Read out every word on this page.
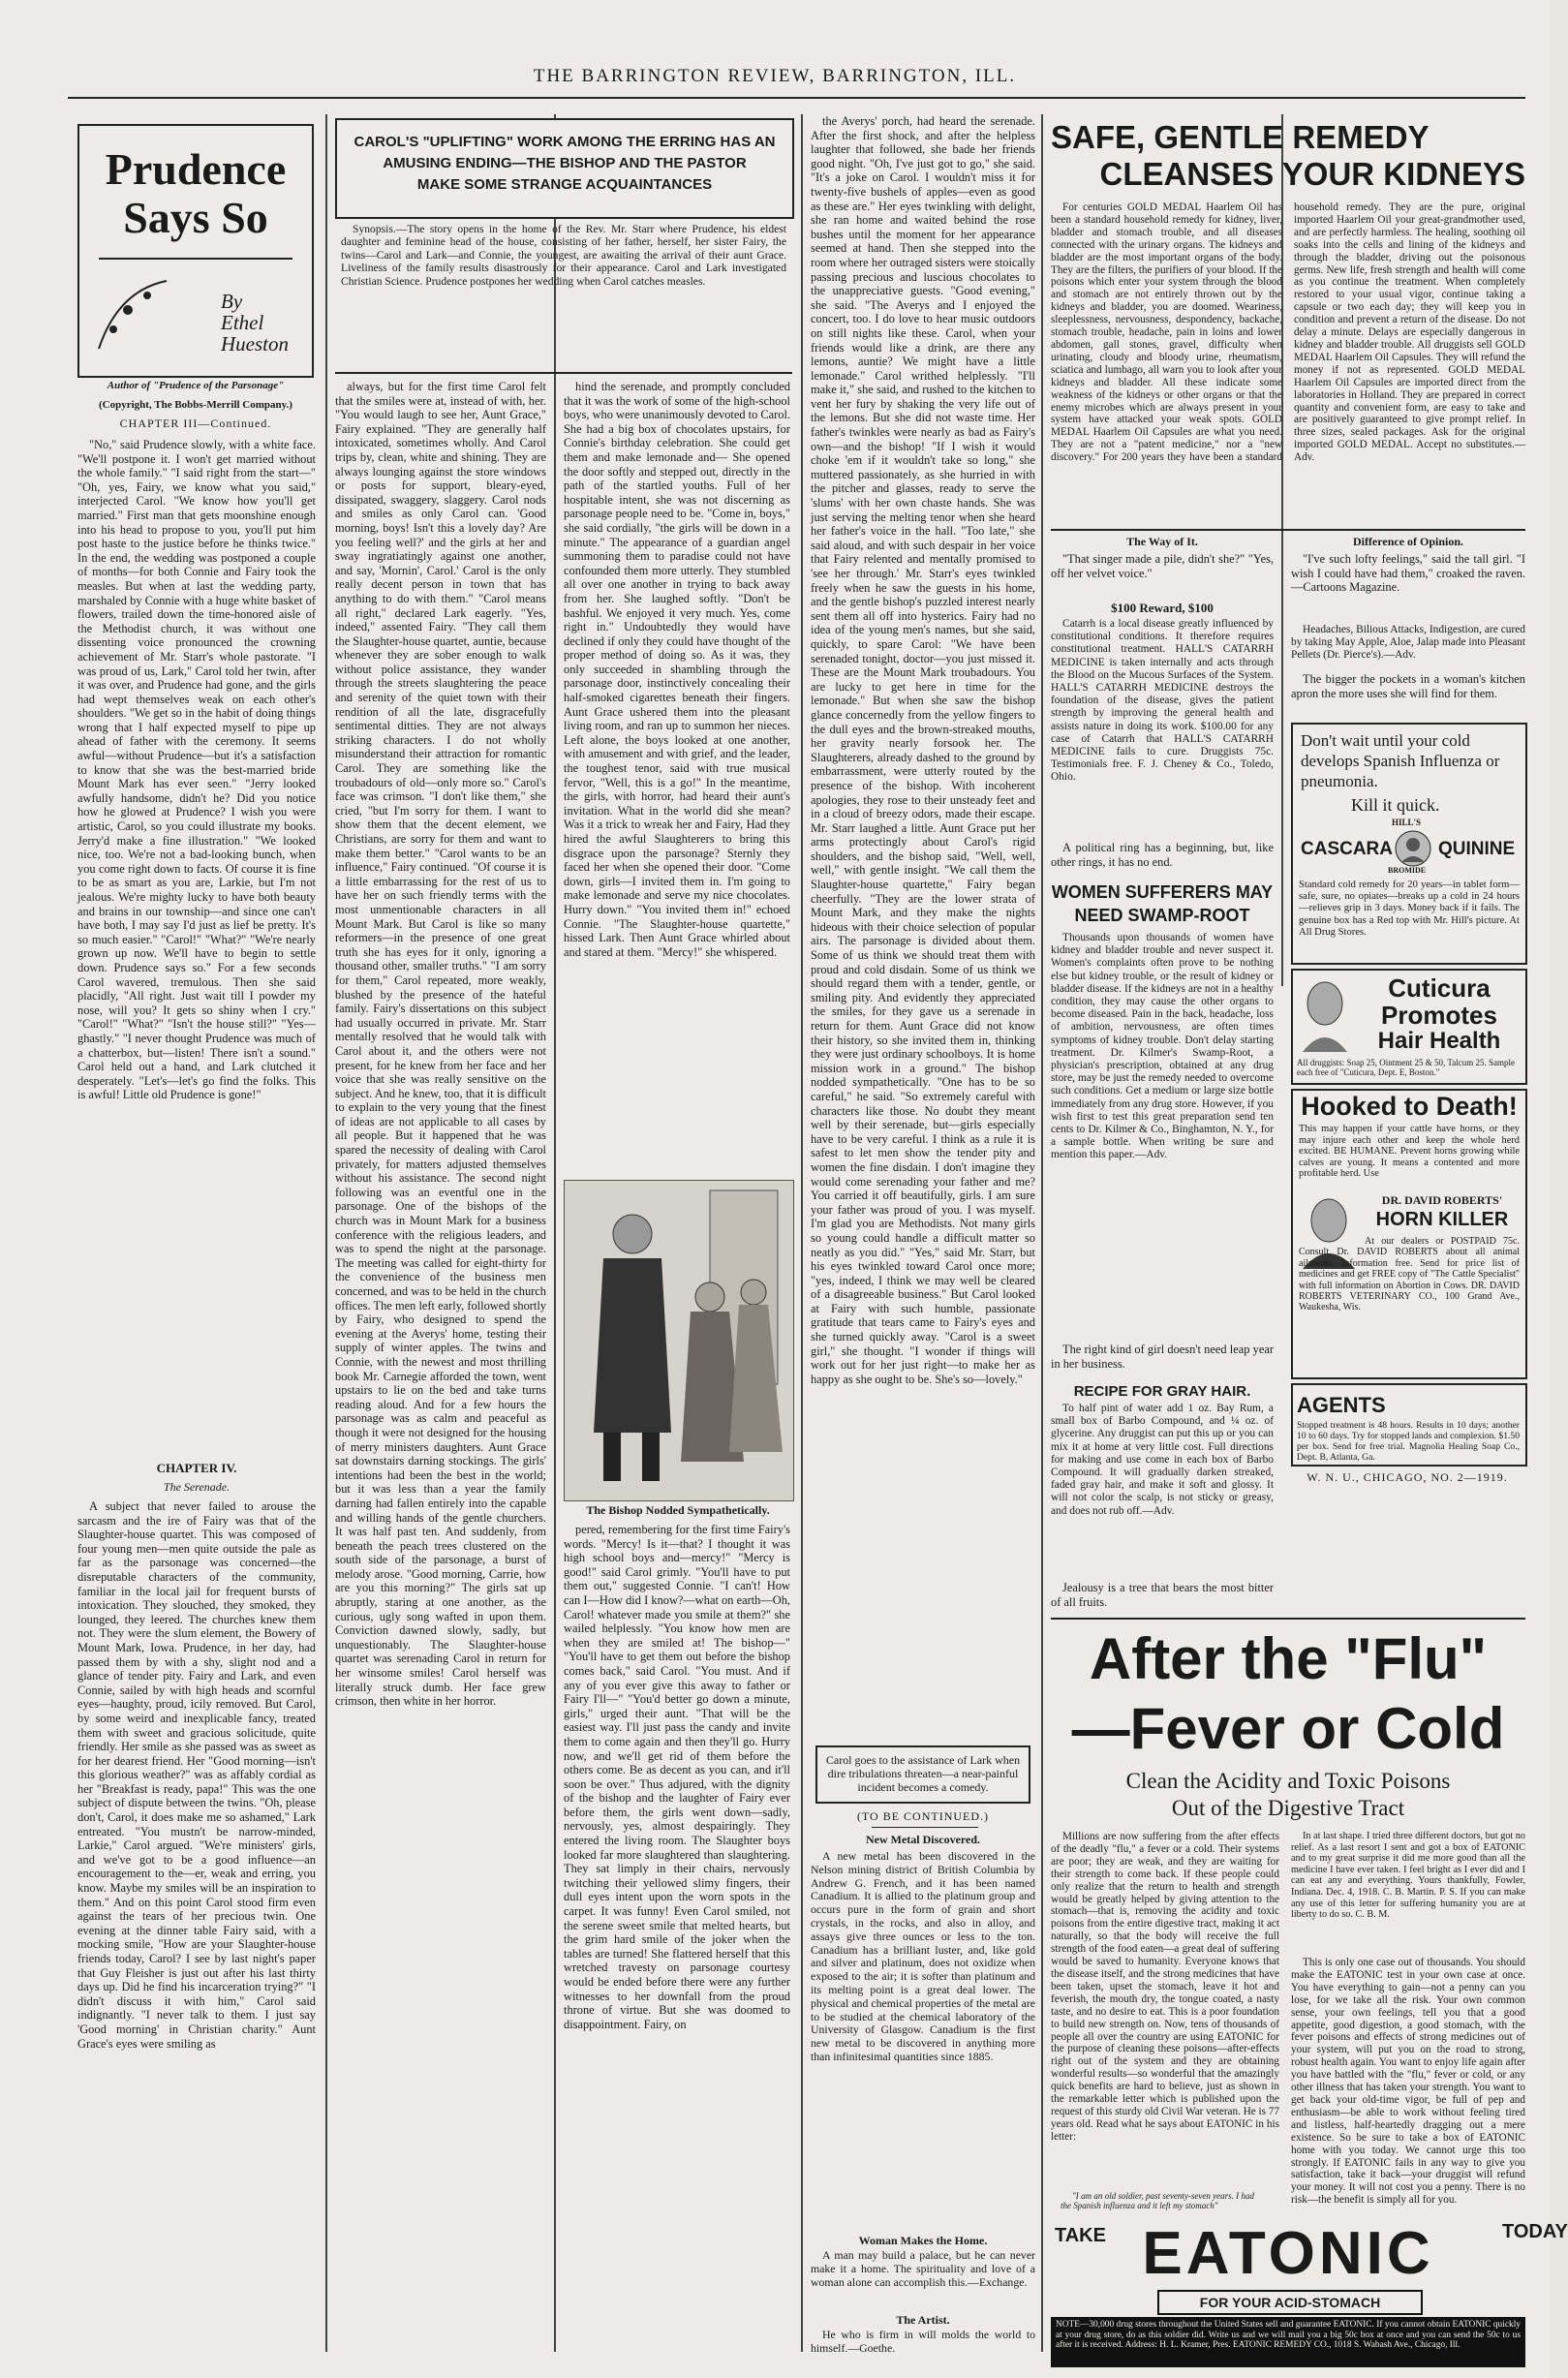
THE BARRINGTON REVIEW, BARRINGTON, ILL.
Prudence
Says So
By
Ethel
Hueston
Author of "Prudence of the Parsonage"
(Copyright, The Bobbs-Merrill Company.)
CHAPTER III—Continued.

"No," said Prudence slowly, with a white face. "We'll postpone it. I won't get married without the whole family." "I said right from the start—" "Oh, yes, Fairy, we know what you said," interjected Carol. "We know how you'll get married." First man that gets moonshine enough into his head to propose to you, you'll put him post haste to the justice before he thinks twice." In the end, the wedding was postponed a couple of months—for both Connie and Fairy took the measles. But when at last the wedding party, marshaled by Connie with a huge white basket of flowers, trailed down the time-honored aisle of the Methodist church, it was without one dissenting voice pronounced the crowning achievement of Mr. Starr's whole pastorate. "I was proud of us, Lark," Carol told her twin, after it was over, and Prudence had gone, and the girls had wept themselves weak on each other's shoulders. "We get so in the habit of doing things wrong that I half expected myself to pipe up ahead of father with the ceremony. It seems awful—without Prudence—but it's a satisfaction to know that she was the best-married bride Mount Mark has ever seen." "Jerry looked awfully handsome, didn't he? Did you notice how he glowed at Prudence? I wish you were artistic, Carol, so you could illustrate my books. Jerry'd make a fine illustration." "We looked nice, too. We're not a bad-looking bunch, when you come right down to facts. Of course it is fine to be as smart as you are, Larkie, but I'm not jealous. We're mighty lucky to have both beauty and brains in our township—and since one can't have both, I may say I'd just as lief be pretty. It's so much easier." "Carol!" "What?" "We're nearly grown up now. We'll have to begin to settle down. Prudence says so." For a few seconds Carol wavered, tremulous. Then she said placidly, "All right. Just wait till I powder my nose, will you? It gets so shiny when I cry." "Carol!" "What?" "Isn't the house still?" "Yes—ghastly." "I never thought Prudence was much of a chatterbox, but—listen! There isn't a sound." Carol held out a hand, and Lark clutched it desperately. "Let's—let's go find the folks. This is awful! Little old Prudence is gone!"

CHAPTER IV.
The Serenade.

A subject that never failed to arouse the sarcasm and the ire of Fairy was that of the Slaughter-house quartet. This was composed of four young men—men quite outside the pale as far as the parsonage was concerned—the disreputable characters of the community, familiar in the local jail for frequent bursts of intoxication. They slouched, they smoked, they lounged, they leered. The churches knew them not. They were the slum element, the Bowery of Mount Mark, Iowa. Prudence, in her day, had passed them by with a shy, slight nod and a glance of tender pity. Fairy and Lark, and even Connie, sailed by with high heads and scornful eyes—haughty, proud, icily removed. But Carol, by some weird and inexplicable fancy, treated them with sweet and gracious solicitude, quite friendly. Her smile as she passed was as sweet as for her dearest friend. Her "Good morning—isn't this glorious weather?" was as affably cordial as her "Breakfast is ready, papa!" This was the one subject of dispute between the twins. "Oh, please don't, Carol, it does make me so ashamed," Lark entreated. "You mustn't be narrow-minded, Larkie," Carol argued. "We're ministers' girls, and we've got to be a good influence—an encouragement to the—er, weak and erring, you know. Maybe my smiles will be an inspiration to them." And on this point Carol stood firm even against the tears of her precious twin. One evening at the dinner table Fairy said, with a mocking smile, "How are your Slaughter-house friends today, Carol? I see by last night's paper that Guy Fleisher is just out after his last thirty days up. Did he find his incarceration trying?" "I didn't discuss it with him," Carol said indignantly. "I never talk to them. I just say 'Good morning' in Christian charity." Aunt Grace's eyes were smiling as

CAROL'S "UPLIFTING" WORK AMONG THE ERRING HAS AN
AMUSING ENDING—THE BISHOP AND THE PASTOR
MAKE SOME STRANGE ACQUAINTANCES

Synopsis.—The story opens in the home of the Rev. Mr. Starr where Prudence, his eldest daughter and feminine head of the house, consisting of her father, herself, her sister Fairy, the twins—Carol and Lark—and Connie, the youngest, are awaiting the arrival of their aunt Grace. Liveliness of the family results disastrously for their appearance. Carol and Lark investigated Christian Science. Prudence postpones her wedding when Carol catches measles.

always, but for the first time Carol felt that the smiles were at, instead of with, her. "You would laugh to see her, Aunt Grace," Fairy explained. "They are generally half intoxicated, sometimes wholly. And Carol trips by, clean, white and shining. They are always lounging against the store windows or posts for support, bleary-eyed, dissipated, swaggery, slaggery. Carol nods and smiles as only Carol can. 'Good morning, boys! Isn't this a lovely day? Are you feeling well?' and the girls at her and sway ingratiatingly against one another, and say, 'Mornin', Carol.' Carol is the only really decent person in town that has anything to do with them." "Carol means all right," declared Lark eagerly. "Yes, indeed," assented Fairy. "They call them the Slaughter-house quartet, auntie, because whenever they are sober enough to walk without police assistance, they wander through the streets slaughtering the peace and serenity of the quiet town with their rendition of all the late, disgracefully sentimental ditties. They are not always striking characters. I do not wholly misunderstand their attraction for romantic Carol. They are something like the troubadours of old—only more so." Carol's face was crimson. "I don't like them," she cried, "but I'm sorry for them. I want to show them that the decent element, we Christians, are sorry for them and want to make them better." "Carol wants to be an influence," Fairy continued. "Of course it is a little embarrassing for the rest of us to have her on such friendly terms with the most unmentionable characters in all Mount Mark. But Carol is like so many reformers—in the presence of one great truth she has eyes for it only, ignoring a thousand other, smaller truths." "I am sorry for them," Carol repeated, more weakly, blushed by the presence of the hateful family. Fairy's dissertations on this subject had usually occurred in private. Mr. Starr mentally resolved that he would talk with Carol about it, and the others were not present, for he knew from her face and her voice that she was really sensitive on the subject. And he knew, too, that it is difficult to explain to the very young that the finest of ideas are not applicable to all cases by all people. But it happened that he was spared the necessity of dealing with Carol privately, for matters adjusted themselves without his assistance. The second night following was an eventful one in the parsonage. One of the bishops of the church was in Mount Mark for a business conference with the religious leaders, and was to spend the night at the parsonage. The meeting was called for eight-thirty for the convenience of the business men concerned, and was to be held in the church offices. The men left early, followed shortly by Fairy, who designed to spend the evening at the Averys' home, testing their supply of winter apples. The twins and Connie, with the newest and most thrilling book Mr. Carnegie afforded the town, went upstairs to lie on the bed and take turns reading aloud. And for a few hours the parsonage was as calm and peaceful as though it were not designed for the housing of merry ministers daughters. Aunt Grace sat downstairs darning stockings. The girls' intentions had been the best in the world; but it was less than a year the family darning had fallen entirely into the capable and willing hands of the gentle churchers. It was half past ten. And suddenly, from beneath the peach trees clustered on the south side of the parsonage, a burst of melody arose. "Good morning, Carrie, how are you this morning?" The girls sat up abruptly, staring at one another, as the curious, ugly song wafted in upon them. Conviction dawned slowly, sadly, but unquestionably. The Slaughter-house quartet was serenading Carol in return for her winsome smiles! Carol herself was literally struck dumb. Her face grew crimson, then white in her horror.

hind the serenade, and promptly concluded that it was the work of some of the high-school boys, who were unanimously devoted to Carol. She had a big box of chocolates upstairs, for Connie's birthday celebration. She could get them and make lemonade and— She opened the door softly and stepped out, directly in the path of the startled youths. Full of her hospitable intent, she was not discerning as parsonage people need to be. "Come in, boys," she said cordially, "the girls will be down in a minute." The appearance of a guardian angel summoning them to paradise could not have confounded them more utterly. They stumbled all over one another in trying to back away from her. She laughed softly. "Don't be bashful. We enjoyed it very much. Yes, come right in." Undoubtedly they would have declined if only they could have thought of the proper method of doing so. As it was, they only succeeded in shambling through the parsonage door, instinctively concealing their half-smoked cigarettes beneath their fingers. Aunt Grace ushered them into the pleasant living room, and ran up to summon her nieces. Left alone, the boys looked at one another, with amusement and with grief, and the leader, the toughest tenor, said with true musical fervor, "Well, this is a go!" In the meantime, the girls, with horror, had heard their aunt's invitation. What in the world did she mean? Was it a trick to wreak her and Fairy, Had they hired the awful Slaughterers to bring this disgrace upon the parsonage? Sternly they faced her when she opened their door. "Come down, girls—I invited them in. I'm going to make lemonade and serve my nice chocolates. Hurry down." "You invited them in!" echoed Connie. "The Slaughter-house quartette," hissed Lark. Then Aunt Grace whirled about and stared at them. "Mercy!" she whispered.

The Bishop Nodded Sympathetically.

pered, remembering for the first time Fairy's words. "Mercy! Is it—that? I thought it was high school boys and—mercy!" "Mercy is good!" said Carol grimly. "You'll have to put them out," suggested Connie. "I can't! How can I—How did I know?—what on earth—Oh, Carol! whatever made you smile at them?" she wailed helplessly. "You know how men are when they are smiled at! The bishop—" "You'll have to get them out before the bishop comes back," said Carol. "You must. And if any of you ever give this away to father or Fairy I'll—" "You'd better go down a minute, girls," urged their aunt. "That will be the easiest way. I'll just pass the candy and invite them to come again and then they'll go. Hurry now, and we'll get rid of them before the others come. Be as decent as you can, and it'll soon be over." Thus adjured, with the dignity of the bishop and the laughter of Fairy ever before them, the girls went down—sadly, nervously, yes, almost despairingly. They entered the living room. The Slaughter boys looked far more slaughtered than slaughtering. They sat limply in their chairs, nervously twitching their yellowed slimy fingers, their dull eyes intent upon the worn spots in the carpet. It was funny! Even Carol smiled, not the serene sweet smile that melted hearts, but the grim hard smile of the joker when the tables are turned! She flattered herself that this wretched travesty on parsonage courtesy would be ended before there were any further witnesses to her downfall from the proud throne of virtue. But she was doomed to disappointment. Fairy, on

the Averys' porch, had heard the serenade. After the first shock, and after the helpless laughter that followed, she bade her friends good night. "Oh, I've just got to go," she said. "It's a joke on Carol. I wouldn't miss it for twenty-five bushels of apples—even as good as these are." Her eyes twinkling with delight, she ran home and waited behind the rose bushes until the moment for her appearance seemed at hand. Then she stepped into the room where her outraged sisters were stoically passing precious and luscious chocolates to the unappreciative guests. "Good evening," she said. "The Averys and I enjoyed the concert, too. I do love to hear music outdoors on still nights like these. Carol, when your friends would like a drink, are there any lemons, auntie? We might have a little lemonade." Carol writhed helplessly. "I'll make it," she said, and rushed to the kitchen to vent her fury by shaking the very life out of the lemons. But she did not waste time. Her father's twinkles were nearly as bad as Fairy's own—and the bishop! "If I wish it would choke 'em if it wouldn't take so long," she muttered passionately, as she hurried in with the pitcher and glasses, ready to serve the 'slums' with her own chaste hands. She was just serving the melting tenor when she heard her father's voice in the hall. "Too late," she said aloud, and with such despair in her voice that Fairy relented and mentally promised to 'see her through.' Mr. Starr's eyes twinkled freely when he saw the guests in his home, and the gentle bishop's puzzled interest nearly sent them all off into hysterics. Fairy had no idea of the young men's names, but she said, quickly, to spare Carol: "We have been serenaded tonight, doctor—you just missed it. These are the Mount Mark troubadours. You are lucky to get here in time for the lemonade." But when she saw the bishop glance concernedly from the yellow fingers to the dull eyes and the brown-streaked mouths, her gravity nearly forsook her. The Slaughterers, already dashed to the ground by embarrassment, were utterly routed by the presence of the bishop. With incoherent apologies, they rose to their unsteady feet and in a cloud of breezy odors, made their escape. Mr. Starr laughed a little. Aunt Grace put her arms protectingly about Carol's rigid shoulders, and the bishop said, "Well, well, well," with gentle insight. "We call them the Slaughter-house quartette," Fairy began cheerfully. "They are the lower strata of Mount Mark, and they make the nights hideous with their choice selection of popular airs. The parsonage is divided about them. Some of us think we should treat them with proud and cold disdain. Some of us think we should regard them with a tender, gentle, or smiling pity. And evidently they appreciated the smiles, for they gave us a serenade in return for them. Aunt Grace did not know their history, so she invited them in, thinking they were just ordinary schoolboys. It is home mission work in a ground." The bishop nodded sympathetically. "One has to be so careful," he said. "So extremely careful with characters like those. No doubt they meant well by their serenade, but—girls especially have to be very careful. I think as a rule it is safest to let men show the tender pity and women the fine disdain. I don't imagine they would come serenading your father and me? You carried it off beautifully, girls. I am sure your father was proud of you. I was myself. I'm glad you are Methodists. Not many girls so young could handle a difficult matter so neatly as you did." "Yes," said Mr. Starr, but his eyes twinkled toward Carol once more; "yes, indeed, I think we may well be cleared of a disagreeable business." But Carol looked at Fairy with such humble, passionate gratitude that tears came to Fairy's eyes and she turned quickly away. "Carol is a sweet girl," she thought. "I wonder if things will work out for her just right—to make her as happy as she ought to be. She's so—lovely."

Carol goes to the assistance of Lark when dire tribulations threaten—a near-painful incident becomes a comedy.
(TO BE CONTINUED.)
New Metal Discovered.

A new metal has been discovered in the Nelson mining district of British Columbia by Andrew G. French, and it has been named Canadium. It is allied to the platinum group and occurs pure in the form of grain and short crystals, in the rocks, and also in alloy, and assays give three ounces or less to the ton. Canadium has a brilliant luster, and, like gold and silver and platinum, does not oxidize when exposed to the air; it is softer than platinum and its melting point is a great deal lower. The physical and chemical properties of the metal are to be studied at the chemical laboratory of the University of Glasgow. Canadium is the first new metal to be discovered in anything more than infinitesimal quantities since 1885.

Woman Makes the Home.

A man may build a palace, but he can never make it a home. The spirituality and love of a woman alone can accomplish this.—Exchange.

The Artist.

He who is firm in will molds the world to himself.—Goethe.

SAFE, GENTLE REMEDY
CLEANSES YOUR KIDNEYS

For centuries GOLD MEDAL Haarlem Oil has been a standard household remedy for kidney, liver, bladder and stomach trouble, and all diseases connected with the urinary organs. The kidneys and bladder are the most important organs of the body. They are the filters, the purifiers of your blood. If the poisons which enter your system through the blood and stomach are not entirely thrown out by the kidneys and bladder, you are doomed. Weariness, sleeplessness, nervousness, despondency, backache, stomach trouble, headache, pain in loins and lower abdomen, gall stones, gravel, difficulty when urinating, cloudy and bloody urine, rheumatism, sciatica and lumbago, all warn you to look after your kidneys and bladder. All these indicate some weakness of the kidneys or other organs or that the enemy microbes which are always present in your system have attacked your weak spots. GOLD MEDAL Haarlem Oil Capsules are what you need. They are not a "patent medicine," nor a "new discovery." For 200 years they have been a standard household remedy. They are the pure, original imported Haarlem Oil your great-grandmother used, and are perfectly harmless. The healing, soothing oil soaks into the cells and lining of the kidneys and through the bladder, driving out the poisonous germs. New life, fresh strength and health will come as you continue the treatment. When completely restored to your usual vigor, continue taking a capsule or two each day; they will keep you in condition and prevent a return of the disease. Do not delay a minute. Delays are especially dangerous in kidney and bladder trouble. All druggists sell GOLD MEDAL Haarlem Oil Capsules. They will refund the money if not as represented. GOLD MEDAL Haarlem Oil Capsules are imported direct from the laboratories in Holland. They are prepared in correct quantity and convenient form, are easy to take and are positively guaranteed to give prompt relief. In three sizes, sealed packages. Ask for the original imported GOLD MEDAL. Accept no substitutes.—Adv.

The Way of It.

"That singer made a pile, didn't she?" "Yes, off her velvet voice."

$100 Reward, $100

Catarrh is a local disease greatly influenced by constitutional conditions. It therefore requires constitutional treatment. HALL'S CATARRH MEDICINE is taken internally and acts through the Blood on the Mucous Surfaces of the System. HALL'S CATARRH MEDICINE destroys the foundation of the disease, gives the patient strength by improving the general health and assists nature in doing its work. $100.00 for any case of Catarrh that HALL'S CATARRH MEDICINE fails to cure. Druggists 75c. Testimonials free. F. J. Cheney & Co., Toledo, Ohio.

A political ring has a beginning, but, like other rings, it has no end.

WOMEN SUFFERERS MAY
NEED SWAMP-ROOT

Thousands upon thousands of women have kidney and bladder trouble and never suspect it. Women's complaints often prove to be nothing else but kidney trouble, or the result of kidney or bladder disease. If the kidneys are not in a healthy condition, they may cause the other organs to become diseased. Pain in the back, headache, loss of ambition, nervousness, are often times symptoms of kidney trouble. Don't delay starting treatment. Dr. Kilmer's Swamp-Root, a physician's prescription, obtained at any drug store, may be just the remedy needed to overcome such conditions. Get a medium or large size bottle immediately from any drug store. However, if you wish first to test this great preparation send ten cents to Dr. Kilmer & Co., Binghamton, N. Y., for a sample bottle. When writing be sure and mention this paper.—Adv.

The right kind of girl doesn't need leap year in her business.

RECIPE FOR GRAY HAIR.

To half pint of water add 1 oz. Bay Rum, a small box of Barbo Compound, and ¼ oz. of glycerine. Any druggist can put this up or you can mix it at home at very little cost. Full directions for making and use come in each box of Barbo Compound. It will gradually darken streaked, faded gray hair, and make it soft and glossy. It will not color the scalp, is not sticky or greasy, and does not rub off.—Adv.

Jealousy is a tree that bears the most bitter of all fruits.

Difference of Opinion.

"I've such lofty feelings," said the tall girl. "I wish I could have had them," croaked the raven.—Cartoons Magazine.

Headaches, Bilious Attacks, Indigestion, are cured by taking May Apple, Aloe, Jalap made into Pleasant Pellets (Dr. Pierce's).—Adv.

The bigger the pockets in a woman's kitchen apron the more uses she will find for them.

Don't wait until your cold develops Spanish Influenza or pneumonia.
Kill it quick.
CASCARA QUININE
HILL'S
BROMIDE
Standard cold remedy for 20 years—in tablet form—safe, sure, no opiates—breaks up a cold in 24 hours—relieves grip in 3 days. Money back if it fails. The genuine box has a Red top with Mr. Hill's picture. At All Drug Stores.
Cuticura
Promotes
Hair Health
All druggists: Soap 25, Ointment 25 & 50, Talcum 25. Sample each free of "Cuticura, Dept. E, Boston."
Hooked to Death!
This may happen if your cattle have horns, or they may injure each other and keep the whole herd excited. BE HUMANE. Prevent horns growing while calves are young. It means a contented and more profitable herd. Use
DR. DAVID ROBERTS'
HORN KILLER
At our dealers or POSTPAID 75c. Consult Dr. DAVID ROBERTS about all animal ailments. Information free. Send for price list of medicines and get FREE copy of "The Cattle Specialist" with full information on Abortion in Cows. DR. DAVID ROBERTS VETERINARY CO., 100 Grand Ave., Waukesha, Wis.
AGENTS
Stopped treatment is 48 hours. Results in 10 days; another 10 to 60 days. Try for stopped lands and complexion. $1.50 per box. Send for free trial. Magnolia Healing Soap Co., Dept. B, Atlanta, Ga.
W. N. U., CHICAGO, NO. 2—1919.
After the "Flu"
—Fever or Cold
Clean the Acidity and Toxic Poisons
Out of the Digestive Tract

Millions are now suffering from the after effects of the deadly "flu," a fever or a cold. Their systems are poor; they are weak, and they are waiting for their strength to come back. If these people could only realize that the return to health and strength would be greatly helped by giving attention to the stomach—that is, removing the acidity and toxic poisons from the entire digestive tract, making it act naturally, so that the body will receive the full strength of the food eaten—a great deal of suffering would be saved to humanity. Everyone knows that the disease itself, and the strong medicines that have been taken, upset the stomach, leave it hot and feverish, the mouth dry, the tongue coated, a nasty taste, and no desire to eat. This is a poor foundation to build new strength on. Now, tens of thousands of people all over the country are using EATONIC for the purpose of cleaning these poisons—after-effects right out of the system and they are obtaining wonderful results—so wonderful that the amazingly quick benefits are hard to believe, just as shown in the remarkable letter which is published upon the request of this sturdy old Civil War veteran. He is 77 years old. Read what he says about EATONIC in his letter:

In at last shape. I tried three different doctors, but got no relief. As a last resort I sent and got a box of EATONIC and to my great surprise it did me more good than all the medicine I have ever taken. I feel bright as I ever did and I can eat any and everything. Yours thankfully, Fowler, Indiana. Dec. 4, 1918. C. B. Martin. P. S. If you can make any use of this letter for suffering humanity you are at liberty to do so. C. B. M.

This is only one case out of thousands. You should make the EATONIC test in your own case at once. You have everything to gain—not a penny can you lose, for we take all the risk. Your own common sense, your own feelings, tell you that a good appetite, good digestion, a good stomach, with the fever poisons and effects of strong medicines out of your system, will put you on the road to strong, robust health again. You want to enjoy life again after you have battled with the "flu," fever or cold, or any other illness that has taken your strength. You want to get back your old-time vigor, be full of pep and enthusiasm—be able to work without feeling tired and listless, half-heartedly dragging out a mere existence. So be sure to take a box of EATONIC home with you today. We cannot urge this too strongly. If EATONIC fails in any way to give you satisfaction, take it back—your druggist will refund your money. It will not cost you a penny. There is no risk—the benefit is simply all for you.

"I am an old soldier, past seventy-seven years. I had the Spanish influenza and it left my stomach"

TAKE	TODAY
EATONIC
FOR YOUR ACID-STOMACH
NOTE—30,000 drug stores throughout the United States sell and guarantee EATONIC. If you cannot obtain EATONIC quickly at your drug store, do as this soldier did. Write us and we will mail you a big 50c box at once and you can send the 50c to us after it is received. Address: H. L. Kramer, Pres. EATONIC REMEDY CO., 1018 S. Wabash Ave., Chicago, Ill.
